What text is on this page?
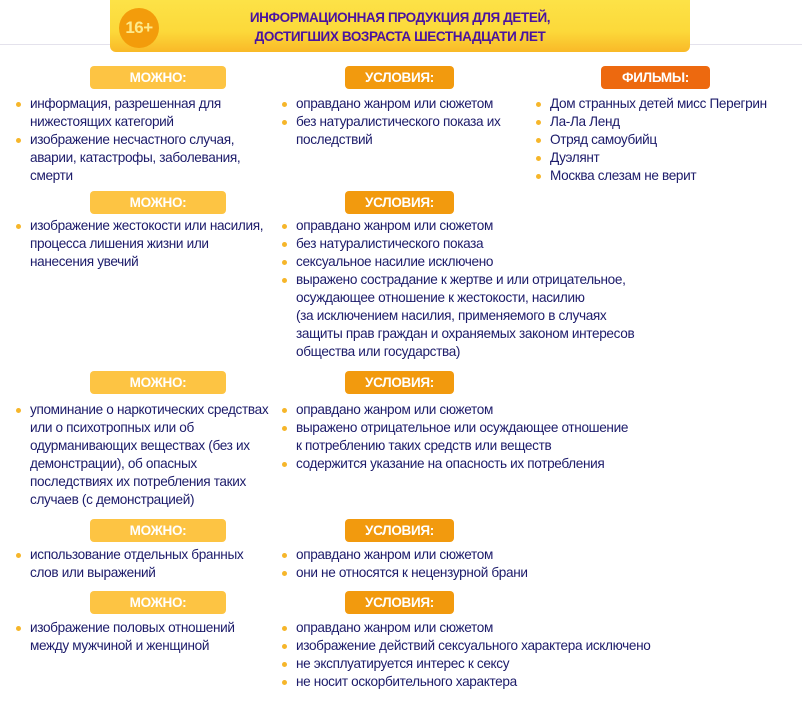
16+
ИНФОРМАЦИОННАЯ ПРОДУКЦИЯ ДЛЯ ДЕТЕЙ,
ДОСТИГШИХ ВОЗРАСТА ШЕСТНАДЦАТИ ЛЕТ
ФИЛЬМЫ:
Дом странных детей мисс Перегрин
Ла-Ла Ленд
Отряд самоубийц
Дуэлянт
Москва слезам не верит
МОЖНО:	УСЛОВИЯ:
информация, разрешенная для
нижестоящих категорий
изображение несчастного случая,
аварии, катастрофы, заболевания,
смерти
оправдано жанром или сюжетом
без натуралистического показа их
последствий
МОЖНО:	УСЛОВИЯ:
изображение жестокости или насилия,
процесса лишения жизни или
нанесения увечий
оправдано жанром или сюжетом
без натуралистического показа
сексуальное насилие исключено
выражено сострадание к жертве и или отрицательное,
осуждающее отношение к жестокости, насилию
(за исключением насилия, применяемого в случаях
защиты прав граждан и охраняемых законом интересов
общества или государства)
МОЖНО:	УСЛОВИЯ:
упоминание о наркотических средствах
или о психотропных или об
одурманивающих веществах (без их
демонстрации), об опасных
последствиях их потребления таких
случаев (с демонстрацией)
оправдано жанром или сюжетом
выражено отрицательное или осуждающее отношение
к потреблению таких средств или веществ
содержится указание на опасность их потребления
МОЖНО:	УСЛОВИЯ:
использование отдельных бранных
слов или выражений
оправдано жанром или сюжетом
они не относятся к нецензурной брани
МОЖНО:	УСЛОВИЯ:
изображение половых отношений
между мужчиной и женщиной
оправдано жанром или сюжетом
изображение действий сексуального характера исключено
не эксплуатируется интерес к сексу
не носит оскорбительного характера
